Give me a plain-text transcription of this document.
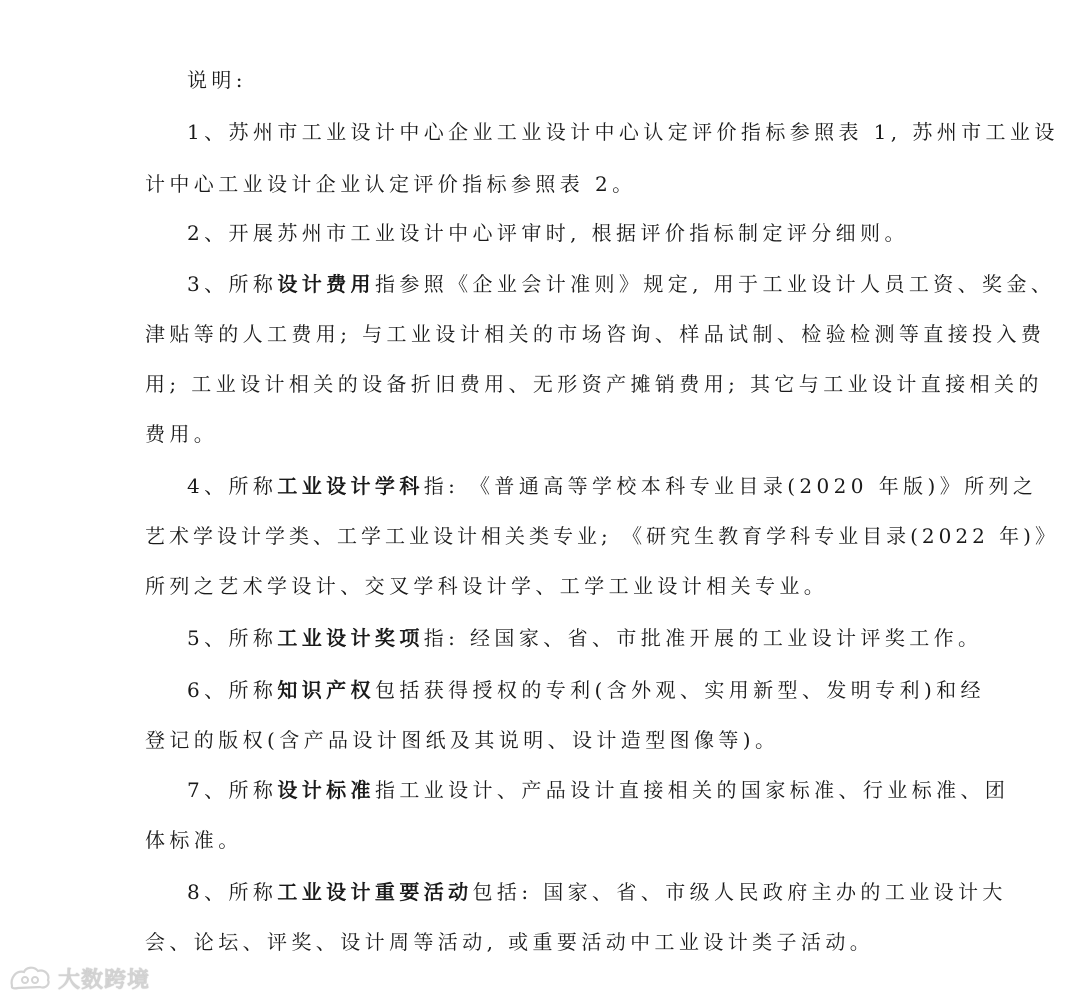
说明:
1、苏州市工业设计中心企业工业设计中心认定评价指标参照表 1, 苏州市工业设
计中心工业设计企业认定评价指标参照表 2。
2、开展苏州市工业设计中心评审时, 根据评价指标制定评分细则。
3、所称设计费用指参照《企业会计准则》规定, 用于工业设计人员工资、奖金、
津贴等的人工费用; 与工业设计相关的市场咨询、样品试制、检验检测等直接投入费
用; 工业设计相关的设备折旧费用、无形资产摊销费用; 其它与工业设计直接相关的
费用。
4、所称工业设计学科指: 《普通高等学校本科专业目录(2020 年版)》所列之
艺术学设计学类、工学工业设计相关类专业; 《研究生教育学科专业目录(2022 年)》
所列之艺术学设计、交叉学科设计学、工学工业设计相关专业。
5、所称工业设计奖项指: 经国家、省、市批准开展的工业设计评奖工作。
6、所称知识产权包括获得授权的专利(含外观、实用新型、发明专利)和经
登记的版权(含产品设计图纸及其说明、设计造型图像等)。
7、所称设计标准指工业设计、产品设计直接相关的国家标准、行业标准、团
体标准。
8、所称工业设计重要活动包括: 国家、省、市级人民政府主办的工业设计大
会、论坛、评奖、设计周等活动, 或重要活动中工业设计类子活动。
大数跨境
